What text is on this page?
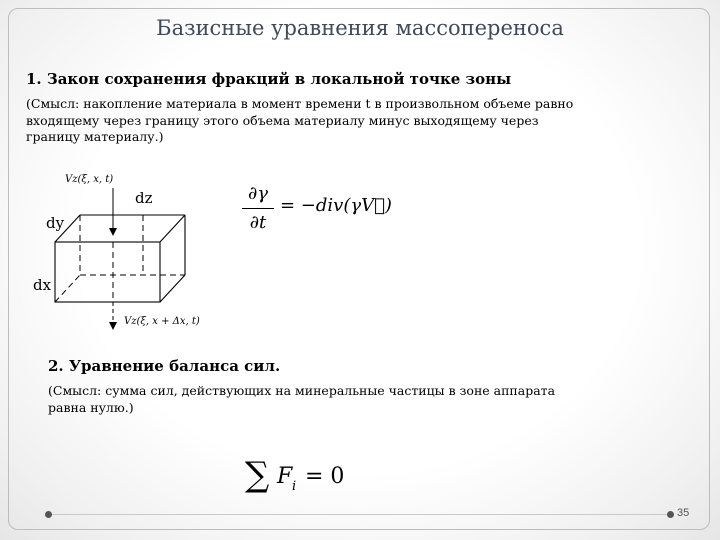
Базисные уравнения массопереноса
1. Закон сохранения фракций в локальной точке зоны
(Смысл: накопление материала в момент времени t в произвольном объеме равно входящему через границу этого объема материалу минус выходящему через границу материалу.)
dz
dy
dx
Vz(ξ, x, t)
Vz(ξ, x + Δx, t)
∂γ
∂t
= −div(γV⃗)
2. Уравнение баланса сил.
(Смысл: сумма сил, действующих на минеральные частицы в зоне аппарата равна нулю.)
∑ F i = 0
35
